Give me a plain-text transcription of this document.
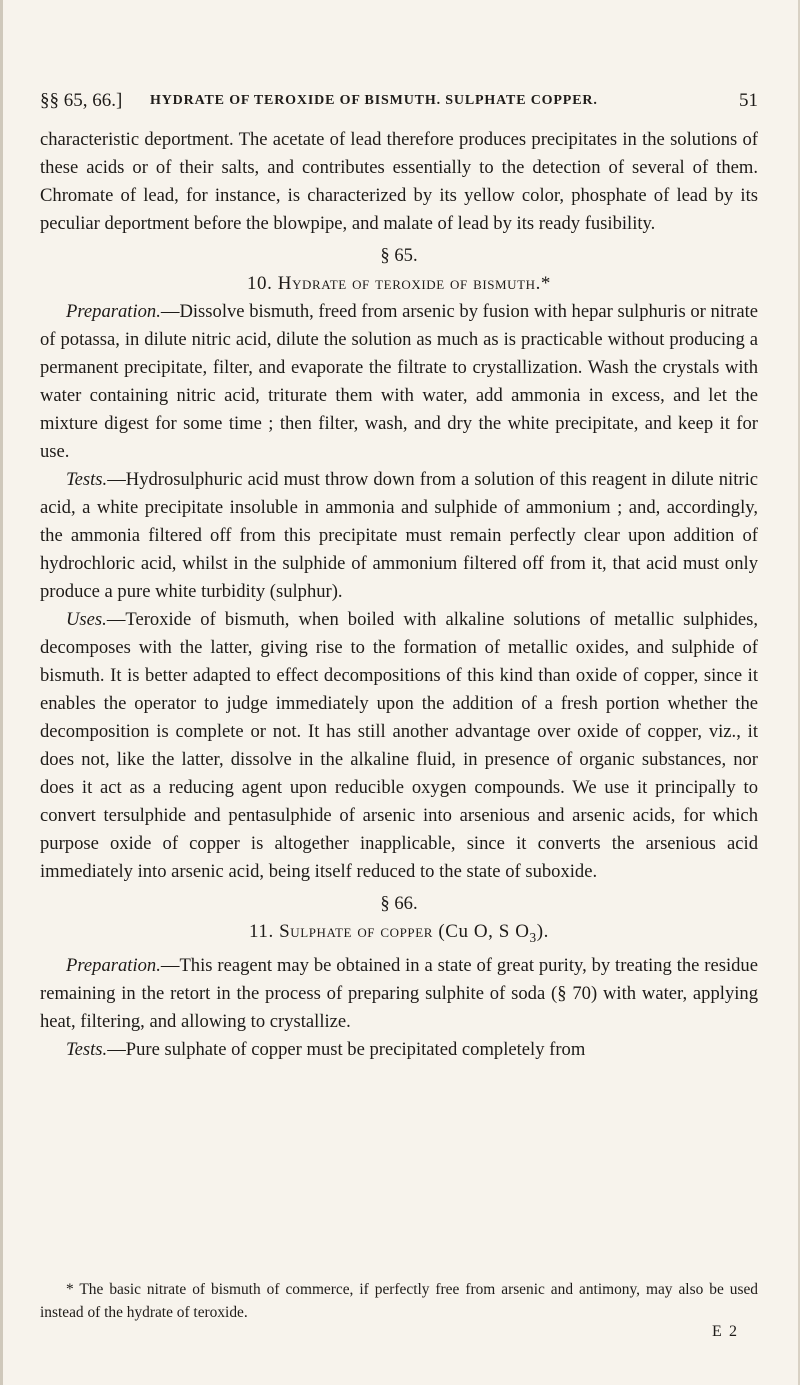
§§ 65, 66.] HYDRATE OF TEROXIDE OF BISMUTH. SULPHATE COPPER.	51

characteristic deportment. The acetate of lead therefore produces precipitates in the solutions of these acids or of their salts, and contributes essentially to the detection of several of them. Chromate of lead, for instance, is characterized by its yellow color, phosphate of lead by its peculiar deportment before the blowpipe, and malate of lead by its ready fusibility.

§ 65.

10. Hydrate of teroxide of bismuth.*

Preparation.—Dissolve bismuth, freed from arsenic by fusion with hepar sulphuris or nitrate of potassa, in dilute nitric acid, dilute the solution as much as is practicable without producing a permanent precipitate, filter, and evaporate the filtrate to crystallization. Wash the crystals with water containing nitric acid, triturate them with water, add ammonia in excess, and let the mixture digest for some time ; then filter, wash, and dry the white precipitate, and keep it for use.

Tests.—Hydrosulphuric acid must throw down from a solution of this reagent in dilute nitric acid, a white precipitate insoluble in ammonia and sulphide of ammonium ; and, accordingly, the ammonia filtered off from this precipitate must remain perfectly clear upon addition of hydrochloric acid, whilst in the sulphide of ammonium filtered off from it, that acid must only produce a pure white turbidity (sulphur).

Uses.—Teroxide of bismuth, when boiled with alkaline solutions of metallic sulphides, decomposes with the latter, giving rise to the formation of metallic oxides, and sulphide of bismuth. It is better adapted to effect decompositions of this kind than oxide of copper, since it enables the operator to judge immediately upon the addition of a fresh portion whether the decomposition is complete or not. It has still another advantage over oxide of copper, viz., it does not, like the latter, dissolve in the alkaline fluid, in presence of organic substances, nor does it act as a reducing agent upon reducible oxygen compounds. We use it principally to convert tersulphide and pentasulphide of arsenic into arsenious and arsenic acids, for which purpose oxide of copper is altogether inapplicable, since it converts the arsenious acid immediately into arsenic acid, being itself reduced to the state of suboxide.

§ 66.

11. Sulphate of copper (Cu O, S $O_3$).

Preparation.—This reagent may be obtained in a state of great purity, by treating the residue remaining in the retort in the process of preparing sulphite of soda (§ 70) with water, applying heat, filtering, and allowing to crystallize.

Tests.—Pure sulphate of copper must be precipitated completely from

* The basic nitrate of bismuth of commerce, if perfectly free from arsenic and antimony, may also be used instead of the hydrate of teroxide.

E 2
